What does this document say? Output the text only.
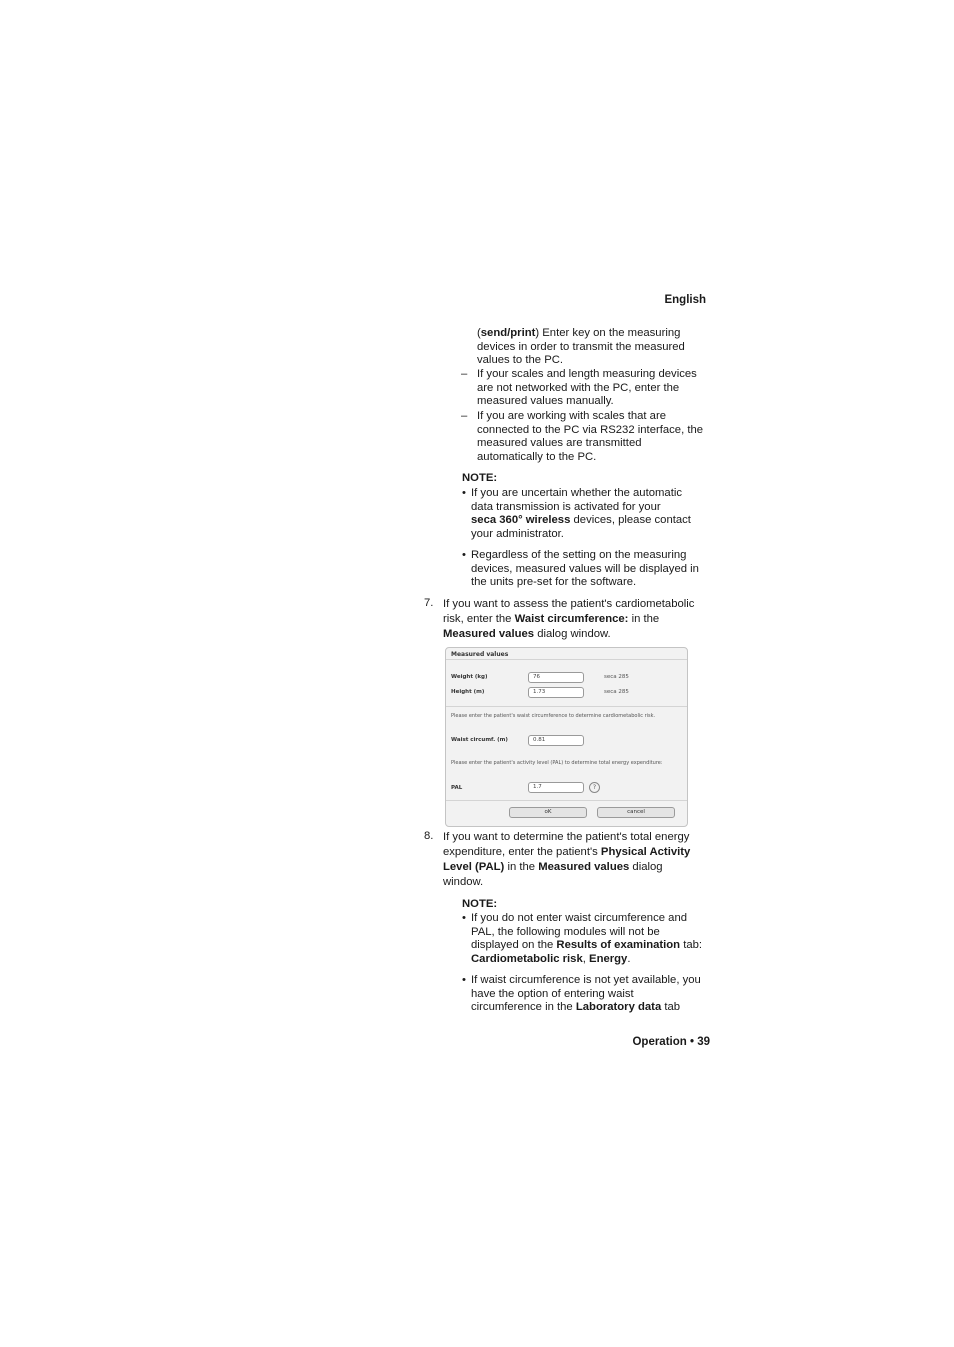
English
(send/print) Enter key on the measuring
devices in order to transmit the measured
values to the PC.
– If your scales and length measuring devices
are not networked with the PC, enter the
measured values manually.
– If you are working with scales that are
connected to the PC via RS232 interface, the
measured values are transmitted
automatically to the PC.
NOTE:
• If you are uncertain whether the automatic
data transmission is activated for your
seca 360° wireless devices, please contact
your administrator.
• Regardless of the setting on the measuring
devices, measured values will be displayed in
the units pre-set for the software.
7. If you want to assess the patient's cardiometabolic
risk, enter the Waist circumference: in the
Measured values dialog window.
Measured values
Weight (kg)	76	seca 285
Height (m)	1.73	seca 285
Please enter the patient's waist circumference to determine cardiometabolic risk.
Waist circumf. (m)	0.81
Please enter the patient's activity level (PAL) to determine total energy expenditure:
PAL	1.7	?
oK	cancel
8. If you want to determine the patient's total energy
expenditure, enter the patient's Physical Activity
Level (PAL) in the Measured values dialog
window.
NOTE:
• If you do not enter waist circumference and
PAL, the following modules will not be
displayed on the Results of examination tab:
Cardiometabolic risk, Energy.
• If waist circumference is not yet available, you
have the option of entering waist
circumference in the Laboratory data tab
Operation • 39
